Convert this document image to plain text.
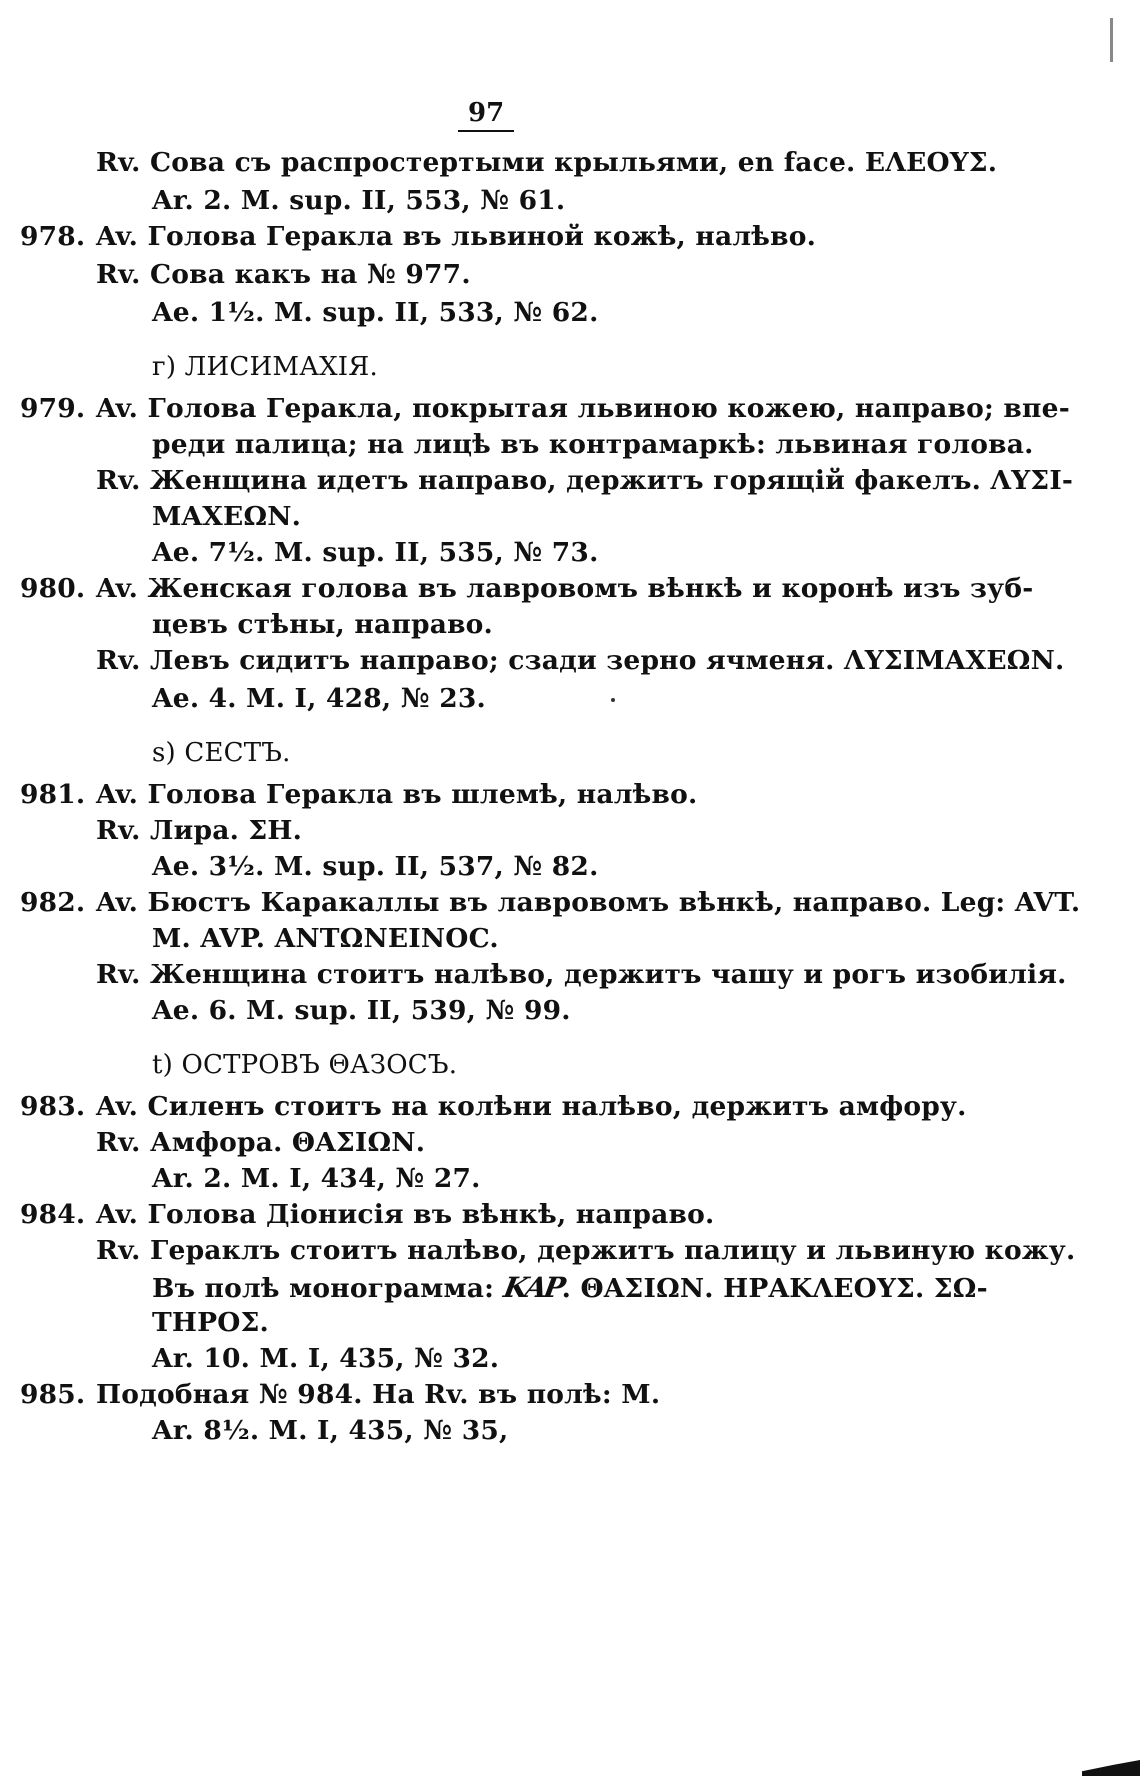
97
Rv. Сова съ распростертыми крыльями, en face. ΕΛΕΟΥΣ.
Ar. 2. M. sup. II, 553, № 61.
978. Av. Голова Геракла въ львиной кожѣ, налѣво.
Rv. Сова какъ на № 977.
Ae. 1½. M. sup. II, 533, № 62.
г) ЛИСИМАХІЯ.
979. Av. Голова Геракла, покрытая львиною кожею, направо; впе-
реди палица; на лицѣ въ контрамаркѣ: львиная голова.
Rv. Женщина идетъ направо, держитъ горящій факелъ. ΛΥΣΙ-
ΜΑΧΕΩΝ.
Ae. 7½. M. sup. II, 535, № 73.
980. Av. Женская голова въ лавровомъ вѣнкѣ и коронѣ изъ зуб-
цевъ стѣны, направо.
Rv. Левъ сидитъ направо; сзади зерно ячменя. ΛΥΣΙΜΑΧΕΩΝ.
Ae. 4. M. I, 428, № 23.
s) СЕСТЪ.
981. Av. Голова Геракла въ шлемѣ, налѣво.
Rv. Лира. ΣΗ.
Ae. 3½. M. sup. II, 537, № 82.
982. Av. Бюстъ Каракаллы въ лавровомъ вѣнкѣ, направо. Leg: AVT.
M. AVP. ANTΩNEINOC.
Rv. Женщина стоитъ налѣво, держитъ чашу и рогъ изобилія.
Ae. 6. M. sup. II, 539, № 99.
t) ОСТРОВЪ ΘАЗОСЪ.
983. Av. Силенъ стоитъ на колѣни налѣво, держитъ амфору.
Rv. Амфора. ΘΑΣΙΩΝ.
Ar. 2. M. I, 434, № 27.
984. Av. Голова Діонисія въ вѣнкѣ, направо.
Rv. Гераклъ стоитъ налѣво, держитъ палицу и львиную кожу.
Въ полѣ монограмма: ΚΑΡ. ΘΑΣΙΩΝ. ΗΡΑΚΛΕΟΥΣ. ΣΩ-
ΤΗΡΟΣ.
Ar. 10. M. I, 435, № 32.
985. Подобная № 984. На Rv. въ полѣ: M.
Ar. 8½. M. I, 435, № 35,
